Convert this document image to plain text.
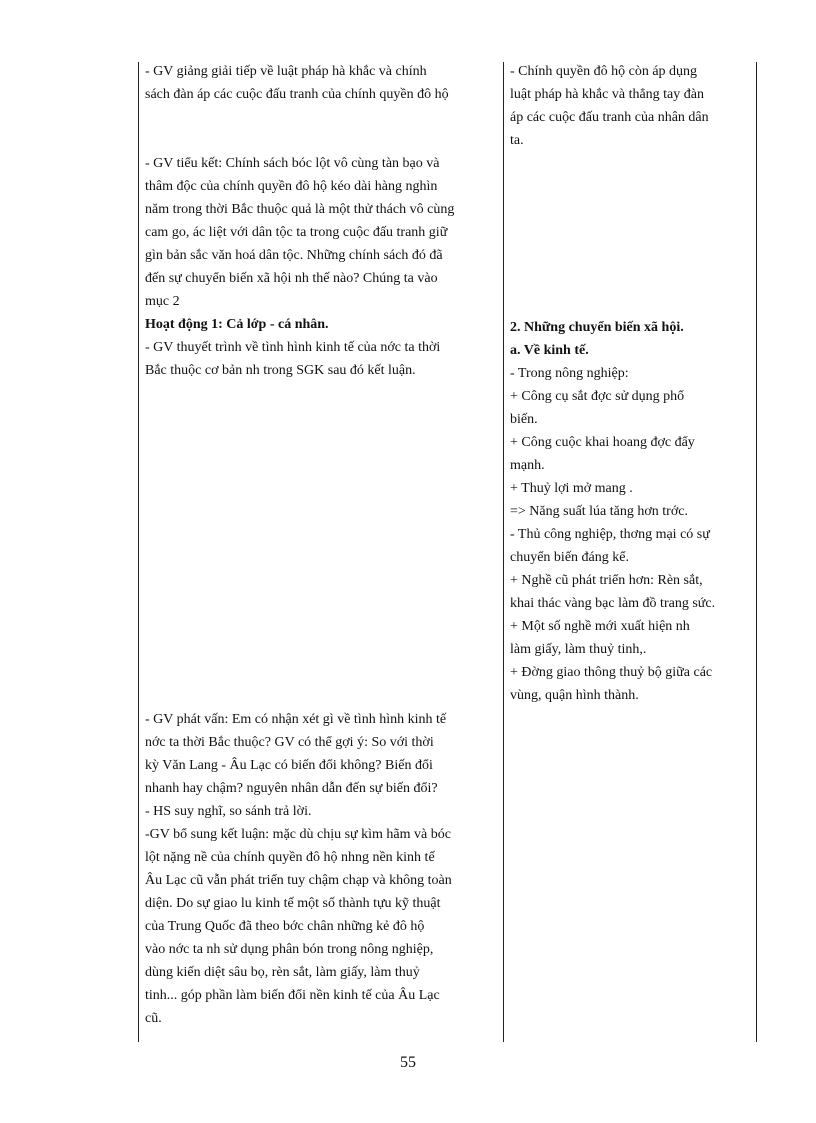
- GV giảng giải tiếp về luật pháp hà khắc và chính

sách đàn áp các cuộc đấu tranh của chính quyền đô hộ

- GV tiểu kết: Chính sách bóc lột vô cùng tàn bạo và

thâm độc của chính quyền đô hộ kéo dài hàng nghìn

năm trong thời Bắc thuộc quả là một thử thách vô cùng

cam go, ác liệt với dân tộc ta trong cuộc đấu tranh giữ

gìn bản sắc văn hoá dân tộc. Những chính sách đó đã

đến sự chuyển biến xã hội nh thế nào? Chúng ta vào

mục 2

Hoạt động 1: Cả lớp - cá nhân.

- GV thuyết trình về tình hình kinh tế của nớc ta thời

Bắc thuộc cơ bản nh trong SGK sau đó kết luận.

- GV phát vấn: Em có nhận xét gì về tình hình kinh tế

nớc ta thời Bắc thuộc? GV có thể gợi ý: So với thời

kỳ Văn Lang - Âu Lạc có biến đổi không? Biến đổi

nhanh hay chậm? nguyên nhân dẫn đến sự biến đổi?

- HS suy nghĩ, so sánh trả lời.

-GV bổ sung kết luận: mặc dù chịu sự kìm hãm và bóc

lột nặng nề của chính quyền đô hộ nhng nền kinh tế

Âu Lạc cũ vẫn phát triển tuy chậm chạp và không toàn

diện. Do sự giao lu kinh tế một số thành tựu kỹ thuật

của Trung Quốc đã theo bớc chân những kẻ đô hộ

vào nớc ta nh sử dụng phân bón trong nông nghiệp,

dùng kiến diệt sâu bọ, rèn sắt, làm giấy, làm thuỷ

tinh... góp phần làm biến đổi nền kinh tế của Âu Lạc

cũ.

- Chính quyền đô hộ còn áp dụng

luật pháp hà khắc và thẳng tay đàn

áp các cuộc đấu tranh của nhân dân

ta.

2. Những chuyển biến xã hội.

a. Về kinh tế.

- Trong nông nghiệp:

+ Công cụ sắt đợc sử dụng phổ

biến.

+ Công cuộc khai hoang đợc đẩy

mạnh.

+ Thuỷ lợi mở mang .

=> Năng suất lúa tăng hơn trớc.

- Thủ công nghiệp, thơng mại có sự

chuyển biến đáng kể.

+ Nghề cũ phát triển hơn: Rèn sắt,

khai thác vàng bạc làm đồ trang sức.

+ Một số nghề mới xuất hiện nh

làm giấy, làm thuỷ tinh,.

+ Đờng giao thông thuỷ bộ giữa các

vùng, quận hình thành.

55
